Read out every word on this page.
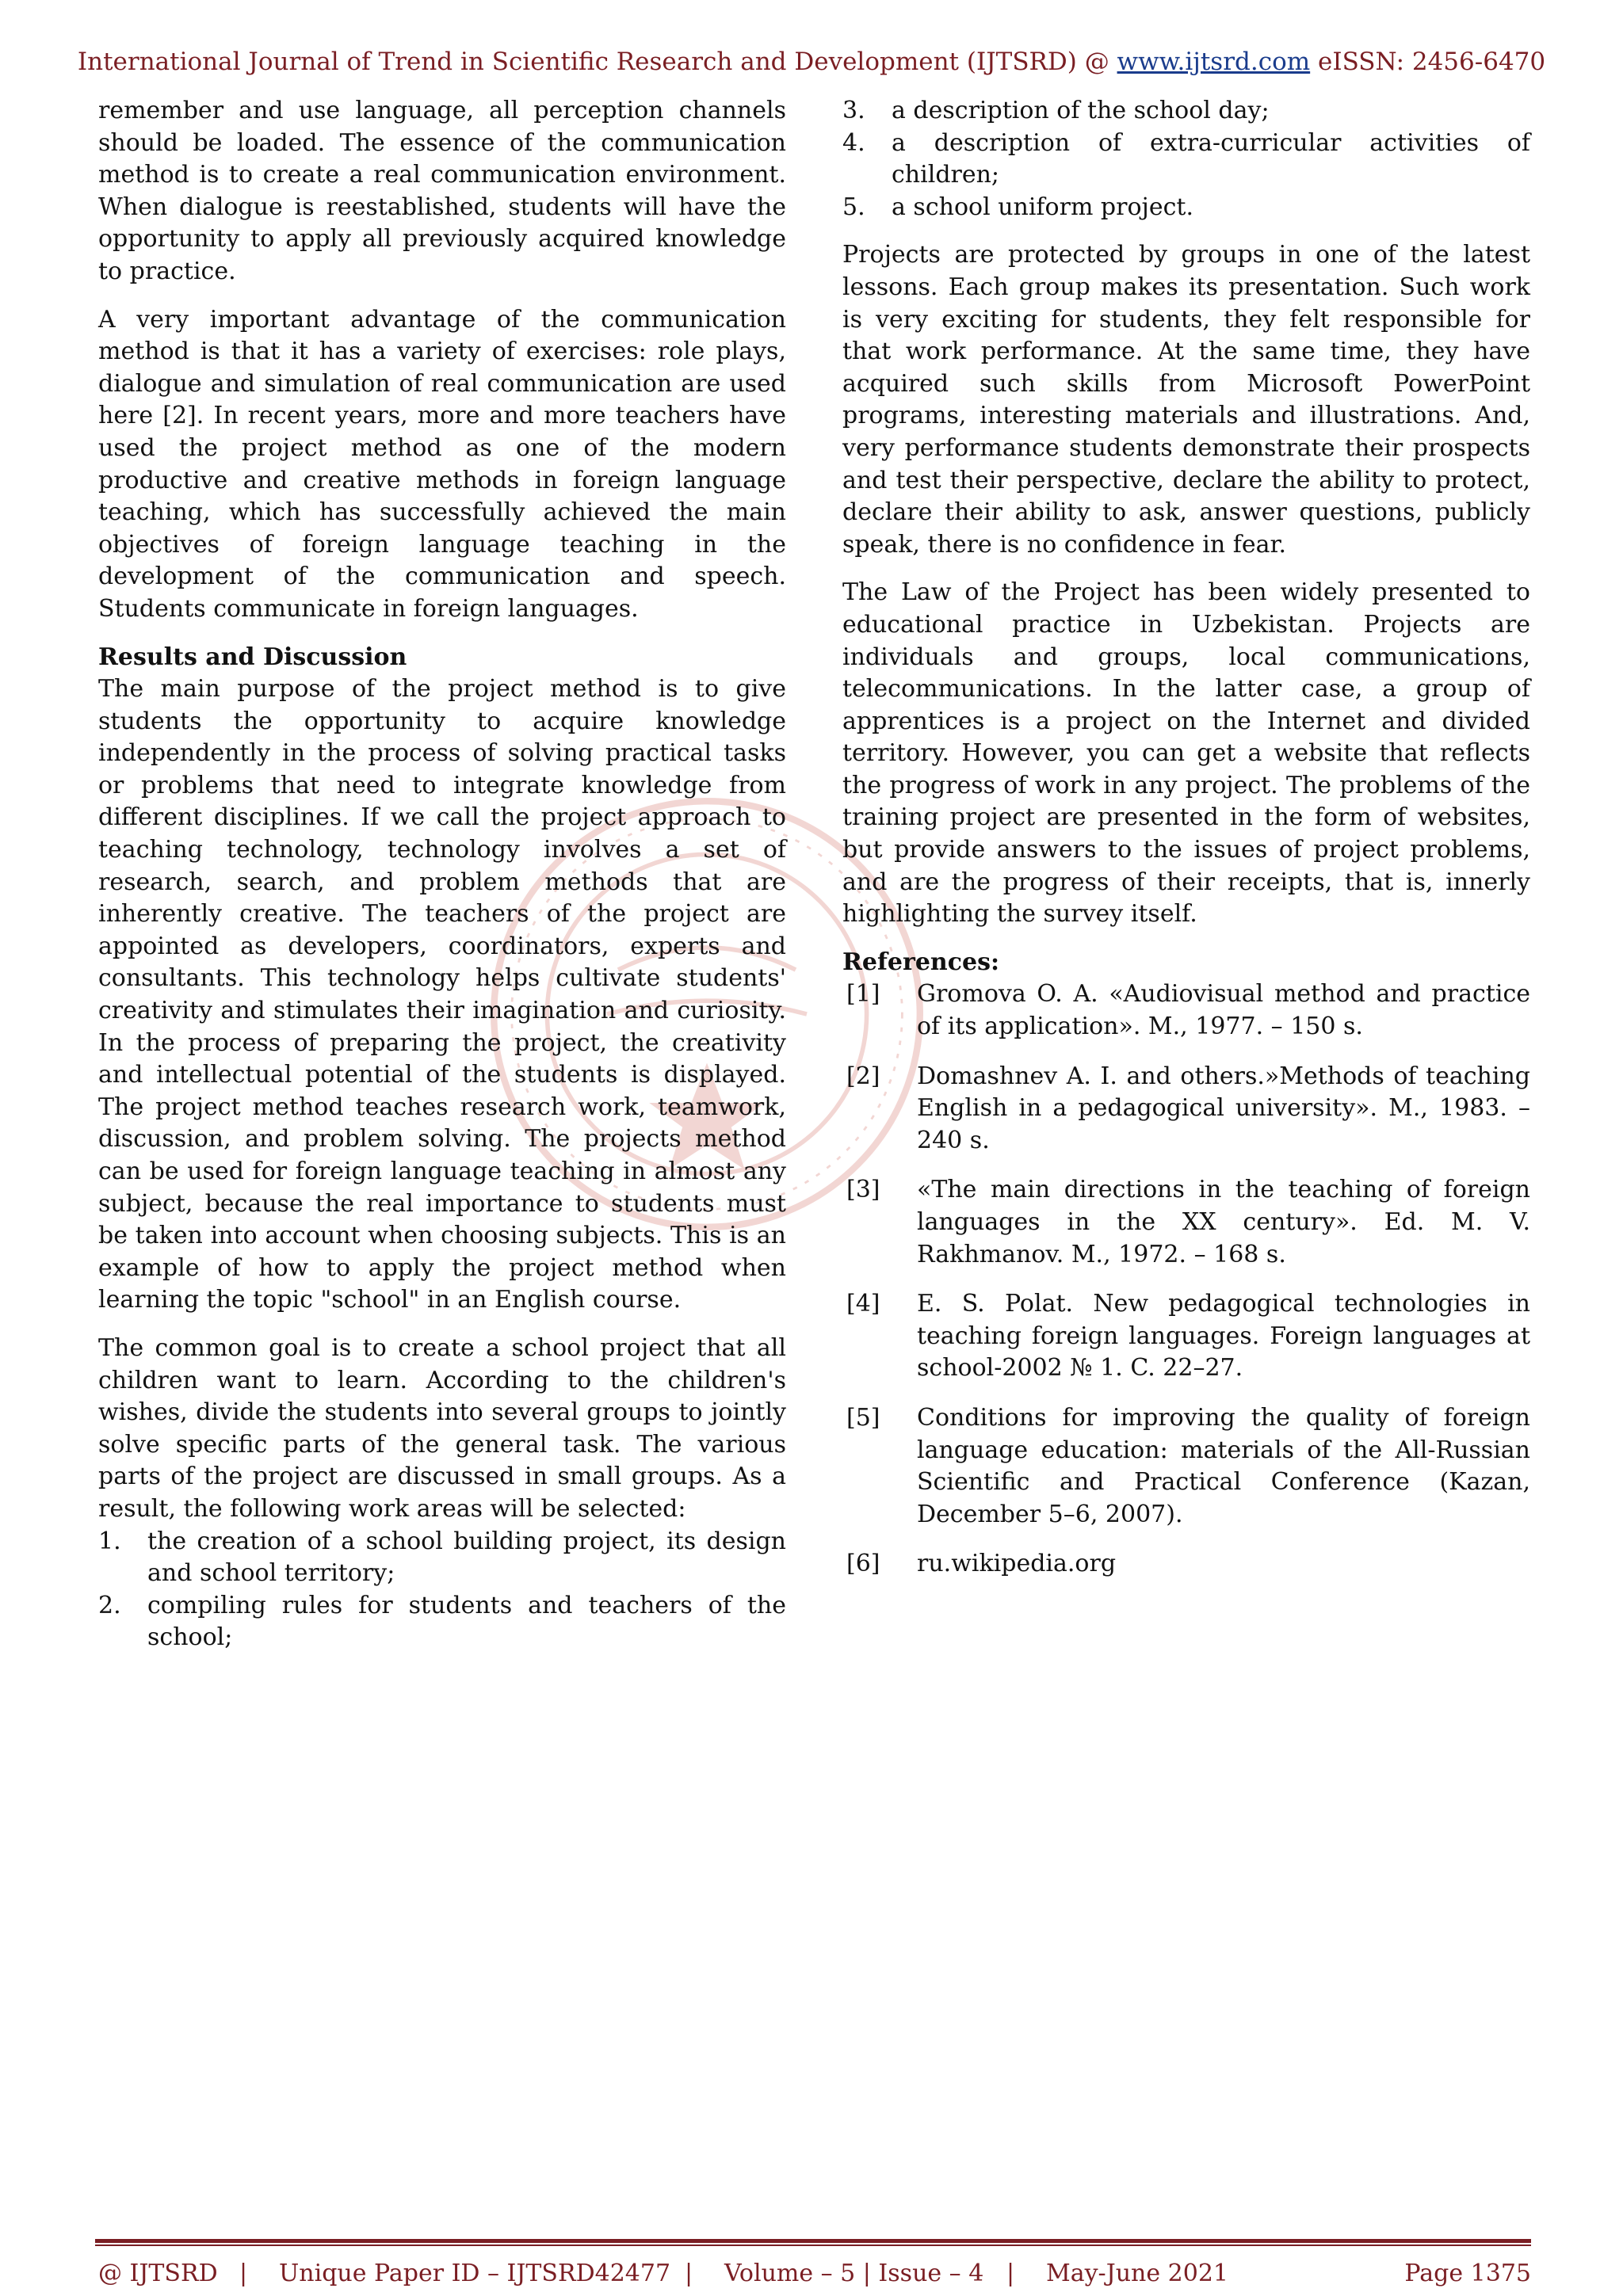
International Journal of Trend in Scientific Research and Development (IJTSRD) @ www.ijtsrd.com eISSN: 2456-6470

remember and use language, all perception channels should be loaded. The essence of the communication method is to create a real communication environment. When dialogue is reestablished, students will have the opportunity to apply all previously acquired knowledge to practice.

A very important advantage of the communication method is that it has a variety of exercises: role plays, dialogue and simulation of real communication are used here [2]. In recent years, more and more teachers have used the project method as one of the modern productive and creative methods in foreign language teaching, which has successfully achieved the main objectives of foreign language teaching in the development of the communication and speech. Students communicate in foreign languages.

Results and Discussion

The main purpose of the project method is to give students the opportunity to acquire knowledge independently in the process of solving practical tasks or problems that need to integrate knowledge from different disciplines. If we call the project approach to teaching technology, technology involves a set of research, search, and problem methods that are inherently creative. The teachers of the project are appointed as developers, coordinators, experts and consultants. This technology helps cultivate students' creativity and stimulates their imagination and curiosity. In the process of preparing the project, the creativity and intellectual potential of the students is displayed. The project method teaches research work, teamwork, discussion, and problem solving. The projects method can be used for foreign language teaching in almost any subject, because the real importance to students must be taken into account when choosing subjects. This is an example of how to apply the project method when learning the topic "school" in an English course.

The common goal is to create a school project that all children want to learn. According to the children's wishes, divide the students into several groups to jointly solve specific parts of the general task. The various parts of the project are discussed in small groups. As a result, the following work areas will be selected:

1. the creation of a school building project, its design and school territory;
2. compiling rules for students and teachers of the school;
3. a description of the school day;
4. a description of extra-curricular activities of children;
5. a school uniform project.

Projects are protected by groups in one of the latest lessons. Each group makes its presentation. Such work is very exciting for students, they felt responsible for that work performance. At the same time, they have acquired such skills from Microsoft PowerPoint programs, interesting materials and illustrations. And, very performance students demonstrate their prospects and test their perspective, declare the ability to protect, declare their ability to ask, answer questions, publicly speak, there is no confidence in fear.

The Law of the Project has been widely presented to educational practice in Uzbekistan. Projects are individuals and groups, local communications, telecommunications. In the latter case, a group of apprentices is a project on the Internet and divided territory. However, you can get a website that reflects the progress of work in any project. The problems of the training project are presented in the form of websites, but provide answers to the issues of project problems, and are the progress of their receipts, that is, innerly highlighting the survey itself.

References:
[1] Gromova O. A. «Audiovisual method and practice of its application». M., 1977. – 150 s.
[2] Domashnev A. I. and others.»Methods of teaching English in a pedagogical university». M., 1983. – 240 s.
[3] «The main directions in the teaching of foreign languages in the XX century». Ed. M. V. Rakhmanov. M., 1972. – 168 s.
[4] E. S. Polat. New pedagogical technologies in teaching foreign languages. Foreign languages at school-2002 № 1. C. 22–27.
[5] Conditions for improving the quality of foreign language education: materials of the All-Russian Scientific and Practical Conference (Kazan, December 5–6, 2007).
[6] ru.wikipedia.org
@ IJTSRD | Unique Paper ID – IJTSRD42477 | Volume – 5 | Issue – 4 | May-June 2021	Page 1375
